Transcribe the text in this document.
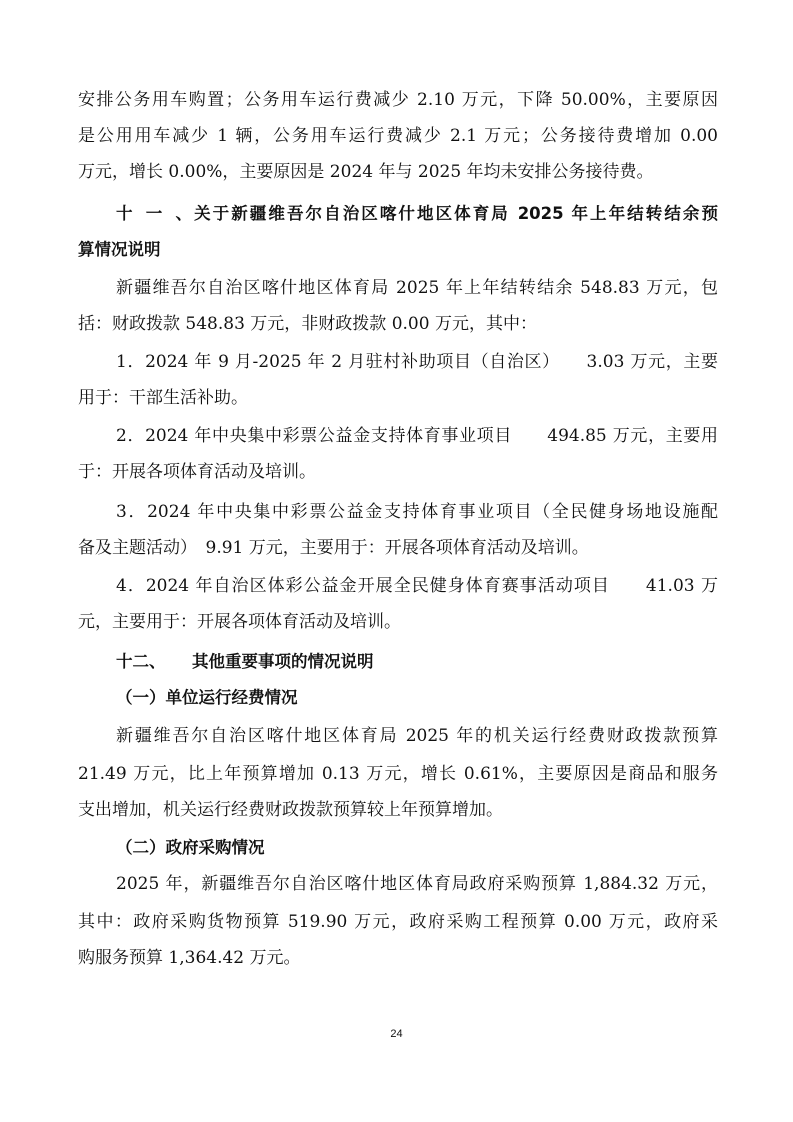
安排公务用车购置；公务用车运行费减少 2.10 万元，下降 50.00%，主要原因
是公用用车减少 1 辆，公务用车运行费减少 2.1 万元；公务接待费增加 0.00
万元，增长 0.00%，主要原因是 2024 年与 2025 年均未安排公务接待费。
十一、关于新疆维吾尔自治区喀什地区体育局 2025 年上年结转结余预
算情况说明
新疆维吾尔自治区喀什地区体育局 2025 年上年结转结余 548.83 万元，包
括：财政拨款 548.83 万元，非财政拨款 0.00 万元，其中：
1．2024 年 9 月-2025 年 2 月驻村补助项目（自治区）　　3.03 万元，主要
用于：干部生活补助。
2．2024 年中央集中彩票公益金支持体育事业项目　　494.85 万元，主要用
于：开展各项体育活动及培训。
3．2024 年中央集中彩票公益金支持体育事业项目（全民健身场地设施配
备及主题活动）　9.91 万元，主要用于：开展各项体育活动及培训。
4．2024 年自治区体彩公益金开展全民健身体育赛事活动项目　　41.03 万
元，主要用于：开展各项体育活动及培训。
十二、 其他重要事项的情况说明
（一）单位运行经费情况
新疆维吾尔自治区喀什地区体育局 2025 年的机关运行经费财政拨款预算
21.49 万元，比上年预算增加 0.13 万元，增长 0.61%，主要原因是商品和服务
支出增加，机关运行经费财政拨款预算较上年预算增加。
（二）政府采购情况
2025 年，新疆维吾尔自治区喀什地区体育局政府采购预算 1,884.32 万元，
其中：政府采购货物预算 519.90 万元，政府采购工程预算 0.00 万元，政府采
购服务预算 1,364.42 万元。
24
